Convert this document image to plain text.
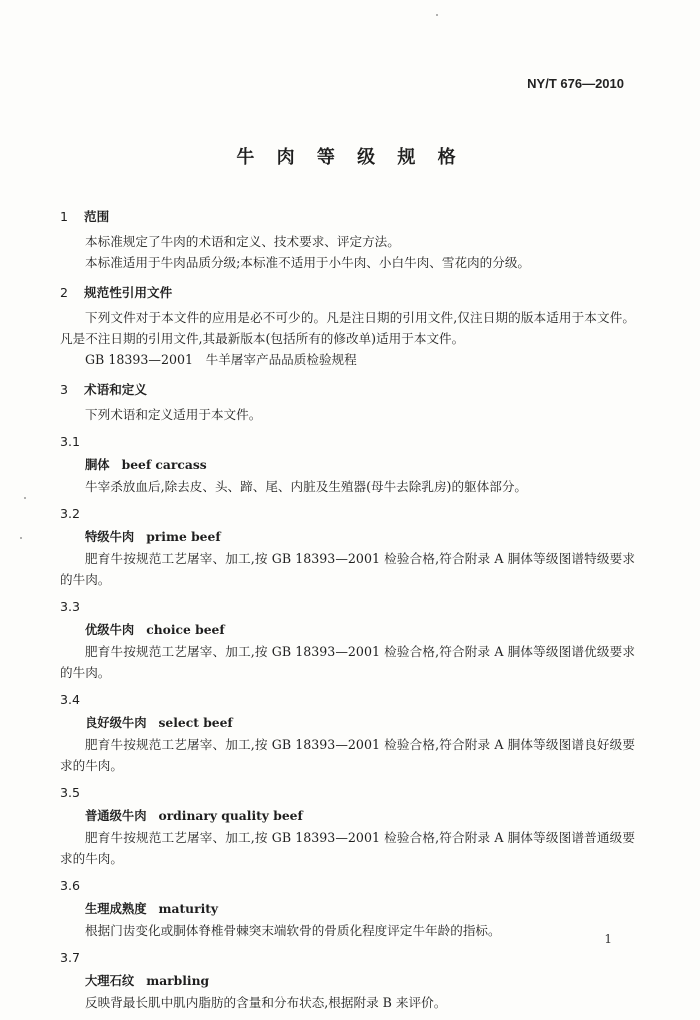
NY/T 676—2010
牛 肉 等 级 规 格
1 范围

本标准规定了牛肉的术语和定义、技术要求、评定方法。

本标准适用于牛肉品质分级;本标准不适用于小牛肉、小白牛肉、雪花肉的分级。

2 规范性引用文件

下列文件对于本文件的应用是必不可少的。凡是注日期的引用文件,仅注日期的版本适用于本文件。凡是不注日期的引用文件,其最新版本(包括所有的修改单)适用于本文件。

GB 18393—2001　牛羊屠宰产品品质检验规程

3 术语和定义

下列术语和定义适用于本文件。

3.1

胴体 beef carcass

牛宰杀放血后,除去皮、头、蹄、尾、内脏及生殖器(母牛去除乳房)的躯体部分。

3.2

特级牛肉 prime beef

肥育牛按规范工艺屠宰、加工,按 GB 18393—2001 检验合格,符合附录 A 胴体等级图谱特级要求的牛肉。

3.3

优级牛肉 choice beef

肥育牛按规范工艺屠宰、加工,按 GB 18393—2001 检验合格,符合附录 A 胴体等级图谱优级要求的牛肉。

3.4

良好级牛肉 select beef

肥育牛按规范工艺屠宰、加工,按 GB 18393—2001 检验合格,符合附录 A 胴体等级图谱良好级要求的牛肉。

3.5

普通级牛肉 ordinary quality beef

肥育牛按规范工艺屠宰、加工,按 GB 18393—2001 检验合格,符合附录 A 胴体等级图谱普通级要求的牛肉。

3.6

生理成熟度 maturity

根据门齿变化或胴体脊椎骨棘突末端软骨的骨质化程度评定牛年龄的指标。

3.7

大理石纹 marbling

反映背最长肌中肌内脂肪的含量和分布状态,根据附录 B 来评价。

1
